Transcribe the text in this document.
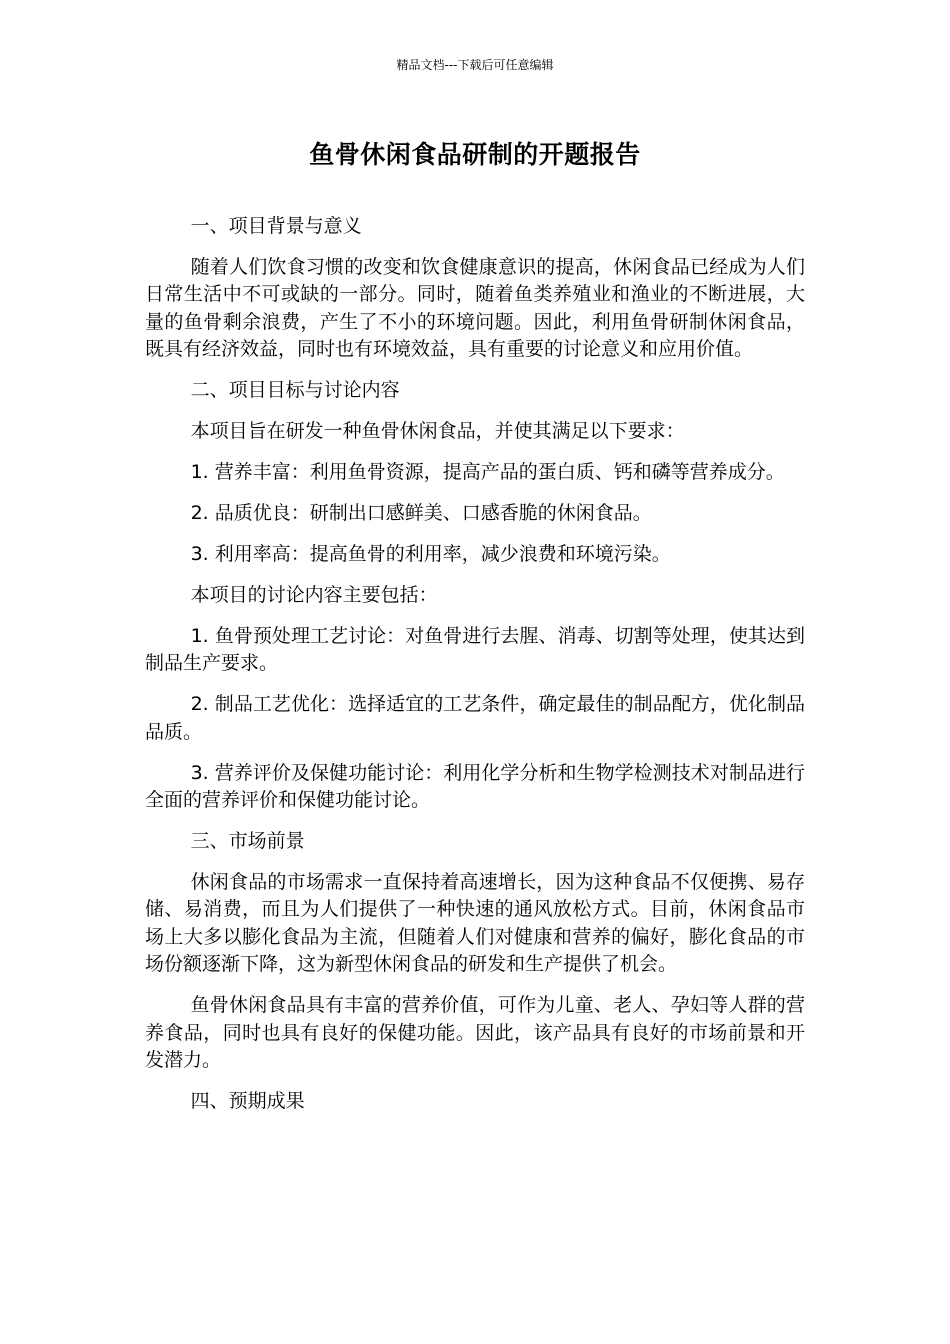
精品文档---下载后可任意编辑
鱼骨休闲食品研制的开题报告

一、项目背景与意义

随着人们饮食习惯的改变和饮食健康意识的提高，休闲食品已经成为人们日常生活中不可或缺的一部分。同时，随着鱼类养殖业和渔业的不断进展，大量的鱼骨剩余浪费，产生了不小的环境问题。因此，利用鱼骨研制休闲食品，既具有经济效益，同时也有环境效益，具有重要的讨论意义和应用价值。

二、项目目标与讨论内容

本项目旨在研发一种鱼骨休闲食品，并使其满足以下要求：

1. 营养丰富：利用鱼骨资源，提高产品的蛋白质、钙和磷等营养成分。

2. 品质优良：研制出口感鲜美、口感香脆的休闲食品。

3. 利用率高：提高鱼骨的利用率，减少浪费和环境污染。

本项目的讨论内容主要包括：

1. 鱼骨预处理工艺讨论：对鱼骨进行去腥、消毒、切割等处理，使其达到制品生产要求。

2. 制品工艺优化：选择适宜的工艺条件，确定最佳的制品配方，优化制品品质。

3. 营养评价及保健功能讨论：利用化学分析和生物学检测技术对制品进行全面的营养评价和保健功能讨论。

三、市场前景

休闲食品的市场需求一直保持着高速增长，因为这种食品不仅便携、易存储、易消费，而且为人们提供了一种快速的通风放松方式。目前，休闲食品市场上大多以膨化食品为主流，但随着人们对健康和营养的偏好，膨化食品的市场份额逐渐下降，这为新型休闲食品的研发和生产提供了机会。

鱼骨休闲食品具有丰富的营养价值，可作为儿童、老人、孕妇等人群的营养食品，同时也具有良好的保健功能。因此，该产品具有良好的市场前景和开发潜力。

四、预期成果
